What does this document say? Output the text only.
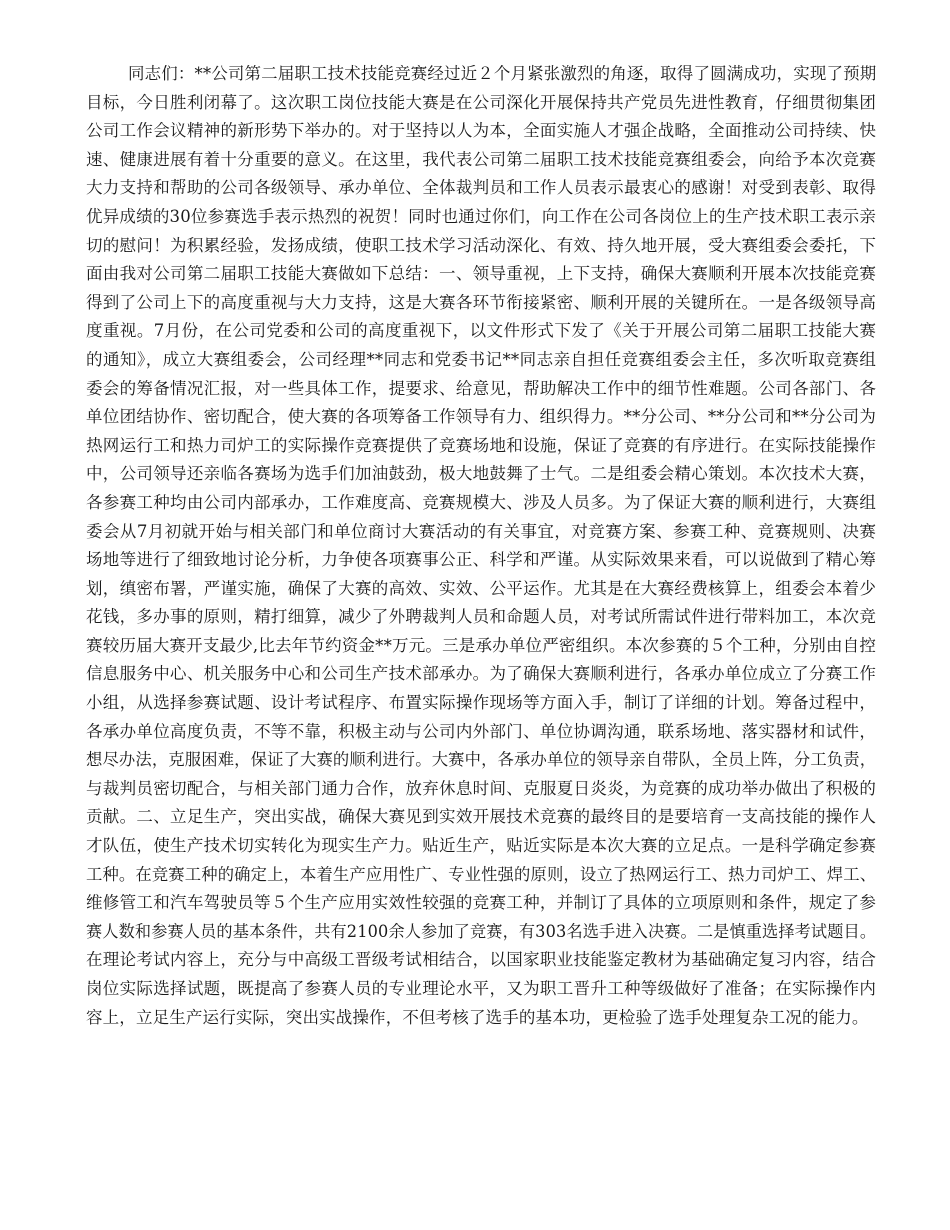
同志们：**公司第二届职工技术技能竞赛经过近２个月紧张激烈的角逐，取得了圆满成功，实现了预期
目标，今日胜利闭幕了。这次职工岗位技能大赛是在公司深化开展保持共产党员先进性教育，仔细贯彻集团
公司工作会议精神的新形势下举办的。对于坚持以人为本，全面实施人才强企战略，全面推动公司持续、快
速、健康进展有着十分重要的意义。在这里，我代表公司第二届职工技术技能竞赛组委会，向给予本次竞赛
大力支持和帮助的公司各级领导、承办单位、全体裁判员和工作人员表示最衷心的感谢！对受到表彰、取得
优异成绩的30位参赛选手表示热烈的祝贺！同时也通过你们，向工作在公司各岗位上的生产技术职工表示亲
切的慰问！为积累经验，发扬成绩，使职工技术学习活动深化、有效、持久地开展，受大赛组委会委托，下
面由我对公司第二届职工技能大赛做如下总结：一、领导重视，上下支持，确保大赛顺利开展本次技能竞赛
得到了公司上下的高度重视与大力支持，这是大赛各环节衔接紧密、顺利开展的关键所在。一是各级领导高
度重视。7月份，在公司党委和公司的高度重视下，以文件形式下发了《关于开展公司第二届职工技能大赛
的通知》，成立大赛组委会，公司经理**同志和党委书记**同志亲自担任竞赛组委会主任，多次听取竞赛组
委会的筹备情况汇报，对一些具体工作，提要求、给意见，帮助解决工作中的细节性难题。公司各部门、各
单位团结协作、密切配合，使大赛的各项筹备工作领导有力、组织得力。**分公司、**分公司和**分公司为
热网运行工和热力司炉工的实际操作竞赛提供了竞赛场地和设施，保证了竞赛的有序进行。在实际技能操作
中，公司领导还亲临各赛场为选手们加油鼓劲，极大地鼓舞了士气。二是组委会精心策划。本次技术大赛，
各参赛工种均由公司内部承办，工作难度高、竞赛规模大、涉及人员多。为了保证大赛的顺利进行，大赛组
委会从7月初就开始与相关部门和单位商讨大赛活动的有关事宜，对竞赛方案、参赛工种、竞赛规则、决赛
场地等进行了细致地讨论分析，力争使各项赛事公正、科学和严谨。从实际效果来看，可以说做到了精心筹
划，缜密布署，严谨实施，确保了大赛的高效、实效、公平运作。尤其是在大赛经费核算上，组委会本着少
花钱，多办事的原则，精打细算，减少了外聘裁判人员和命题人员，对考试所需试件进行带料加工，本次竞
赛较历届大赛开支最少,比去年节约资金**万元。三是承办单位严密组织。本次参赛的５个工种，分别由自控
信息服务中心、机关服务中心和公司生产技术部承办。为了确保大赛顺利进行，各承办单位成立了分赛工作
小组，从选择参赛试题、设计考试程序、布置实际操作现场等方面入手，制订了详细的计划。筹备过程中，
各承办单位高度负责，不等不靠，积极主动与公司内外部门、单位协调沟通，联系场地、落实器材和试件，
想尽办法，克服困难，保证了大赛的顺利进行。大赛中，各承办单位的领导亲自带队，全员上阵，分工负责，
与裁判员密切配合，与相关部门通力合作，放弃休息时间、克服夏日炎炎，为竞赛的成功举办做出了积极的
贡献。二、立足生产，突出实战，确保大赛见到实效开展技术竞赛的最终目的是要培育一支高技能的操作人
才队伍，使生产技术切实转化为现实生产力。贴近生产，贴近实际是本次大赛的立足点。一是科学确定参赛
工种。在竞赛工种的确定上，本着生产应用性广、专业性强的原则，设立了热网运行工、热力司炉工、焊工、
维修管工和汽车驾驶员等５个生产应用实效性较强的竞赛工种，并制订了具体的立项原则和条件，规定了参
赛人数和参赛人员的基本条件，共有2100余人参加了竞赛，有303名选手进入决赛。二是慎重选择考试题目。
在理论考试内容上，充分与中高级工晋级考试相结合，以国家职业技能鉴定教材为基础确定复习内容，结合
岗位实际选择试题，既提高了参赛人员的专业理论水平，又为职工晋升工种等级做好了准备；在实际操作内
容上，立足生产运行实际，突出实战操作，不但考核了选手的基本功，更检验了选手处理复杂工况的能力。
